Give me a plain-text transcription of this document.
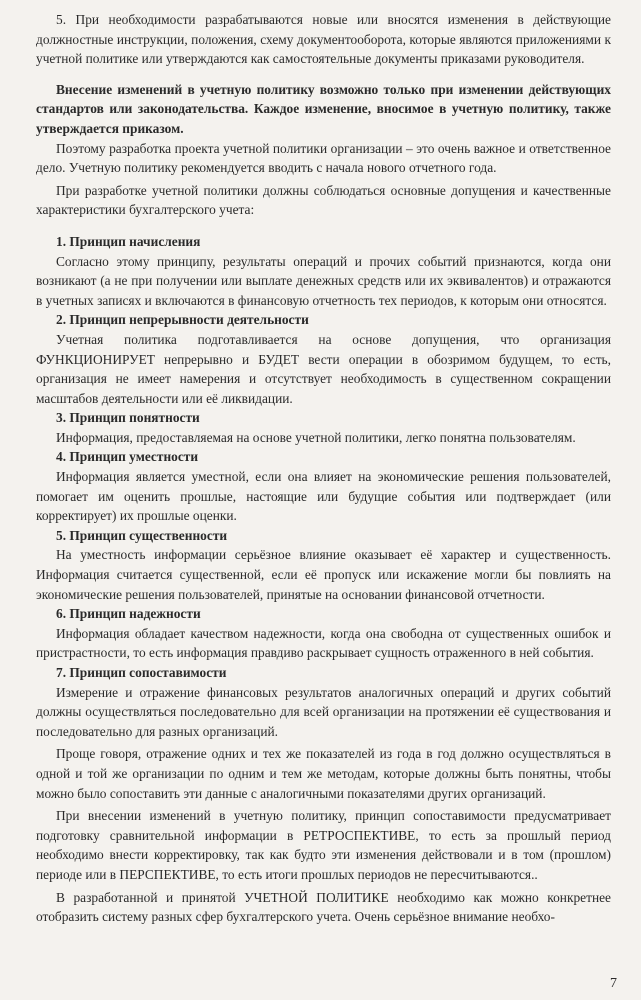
5. При необходимости разрабатываются новые или вносятся изменения в действующие должностные инструкции, положения, схему документооборота, которые являются приложениями к учетной политике или утверждаются как самостоятельные документы приказами руководителя.

Внесение изменений в учетную политику возможно только при изменении действующих стандартов или законодательства. Каждое изменение, вносимое в учетную политику, также утверждается приказом.

Поэтому разработка проекта учетной политики организации – это очень важное и ответственное дело. Учетную политику рекомендуется вводить с начала нового отчетного года.

При разработке учетной политики должны соблюдаться основные допущения и качественные характеристики бухгалтерского учета:

1. Принцип начисления

Согласно этому принципу, результаты операций и прочих событий признаются, когда они возникают (а не при получении или выплате денежных средств или их эквивалентов) и отражаются в учетных записях и включаются в финансовую отчетность тех периодов, к которым они относятся.

2. Принцип непрерывности деятельности

Учетная политика подготавливается на основе допущения, что организация ФУНКЦИОНИРУЕТ непрерывно и БУДЕТ вести операции в обозримом будущем, то есть, организация не имеет намерения и отсутствует необходимость в существенном сокращении масштабов деятельности или её ликвидации.

3. Принцип понятности

Информация, предоставляемая на основе учетной политики, легко понятна пользователям.

4. Принцип уместности

Информация является уместной, если она влияет на экономические решения пользователей, помогает им оценить прошлые, настоящие или будущие события или подтверждает (или корректирует) их прошлые оценки.

5. Принцип существенности

На уместность информации серьёзное влияние оказывает её характер и существенность. Информация считается существенной, если её пропуск или искажение могли бы повлиять на экономические решения пользователей, принятые на основании финансовой отчетности.

6. Принцип надежности

Информация обладает качеством надежности, когда она свободна от существенных ошибок и пристрастности, то есть информация правдиво раскрывает сущность отраженного в ней события.

7. Принцип сопоставимости

Измерение и отражение финансовых результатов аналогичных операций и других событий должны осуществляться последовательно для всей организации на протяжении её существования и последовательно для разных организаций.

Проще говоря, отражение одних и тех же показателей из года в год должно осуществляться в одной и той же организации по одним и тем же методам, которые должны быть понятны, чтобы можно было сопоставить эти данные с аналогичными показателями других организаций.

При внесении изменений в учетную политику, принцип сопоставимости предусматривает подготовку сравнительной информации в РЕТРОСПЕКТИВЕ, то есть за прошлый период необходимо внести корректировку, так как будто эти изменения действовали и в том (прошлом) периоде или в ПЕРСПЕКТИВЕ, то есть итоги прошлых периодов не пересчитываются..

В разработанной и принятой УЧЕТНОЙ ПОЛИТИКЕ необходимо как можно конкретнее отобразить систему разных сфер бухгалтерского учета. Очень серьёзное внимание необхо-

7
